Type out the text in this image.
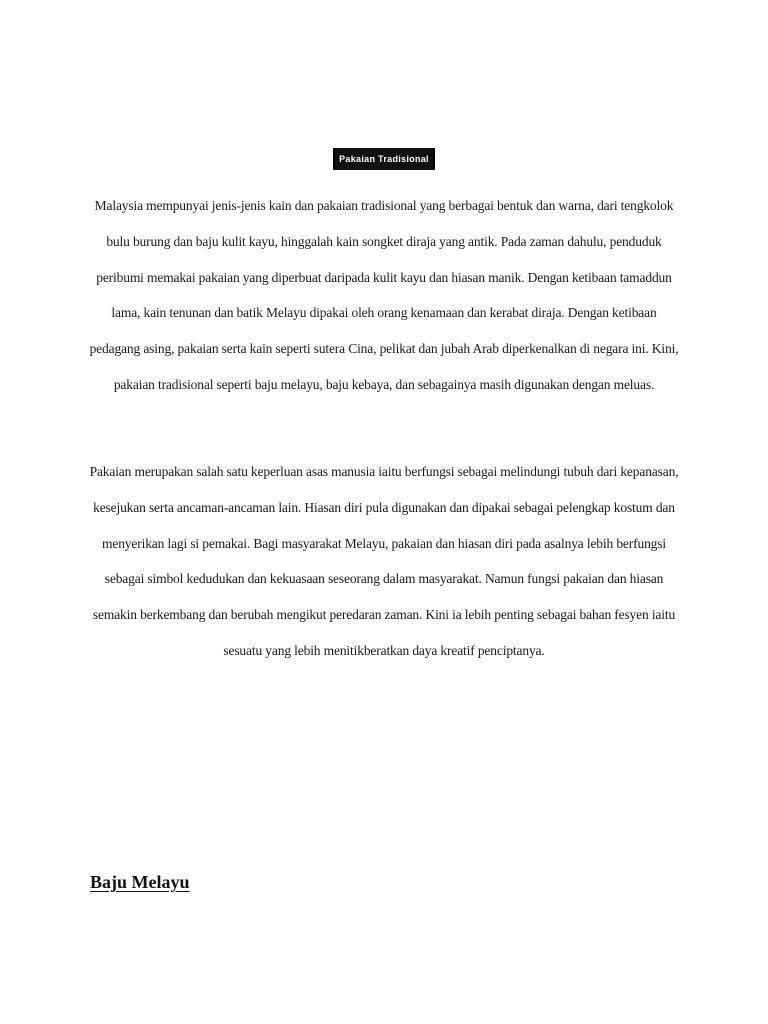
Pakaian Tradisional

Malaysia mempunyai jenis-jenis kain dan pakaian tradisional yang berbagai bentuk dan warna, dari tengkolok bulu burung dan baju kulit kayu, hinggalah kain songket diraja yang antik. Pada zaman dahulu, penduduk peribumi memakai pakaian yang diperbuat daripada kulit kayu dan hiasan manik. Dengan ketibaan tamaddun lama, kain tenunan dan batik Melayu dipakai oleh orang kenamaan dan kerabat diraja. Dengan ketibaan pedagang asing, pakaian serta kain seperti sutera Cina, pelikat dan jubah Arab diperkenalkan di negara ini. Kini, pakaian tradisional seperti baju melayu, baju kebaya, dan sebagainya masih digunakan dengan meluas.

Pakaian merupakan salah satu keperluan asas manusia iaitu berfungsi sebagai melindungi tubuh dari kepanasan, kesejukan serta ancaman-ancaman lain. Hiasan diri pula digunakan dan dipakai sebagai pelengkap kostum dan menyerikan lagi si pemakai. Bagi masyarakat Melayu, pakaian dan hiasan diri pada asalnya lebih berfungsi sebagai simbol kedudukan dan kekuasaan seseorang dalam masyarakat. Namun fungsi pakaian dan hiasan semakin berkembang dan berubah mengikut peredaran zaman. Kini ia lebih penting sebagai bahan fesyen iaitu sesuatu yang lebih menitikberatkan daya kreatif penciptanya.

Baju Melayu
